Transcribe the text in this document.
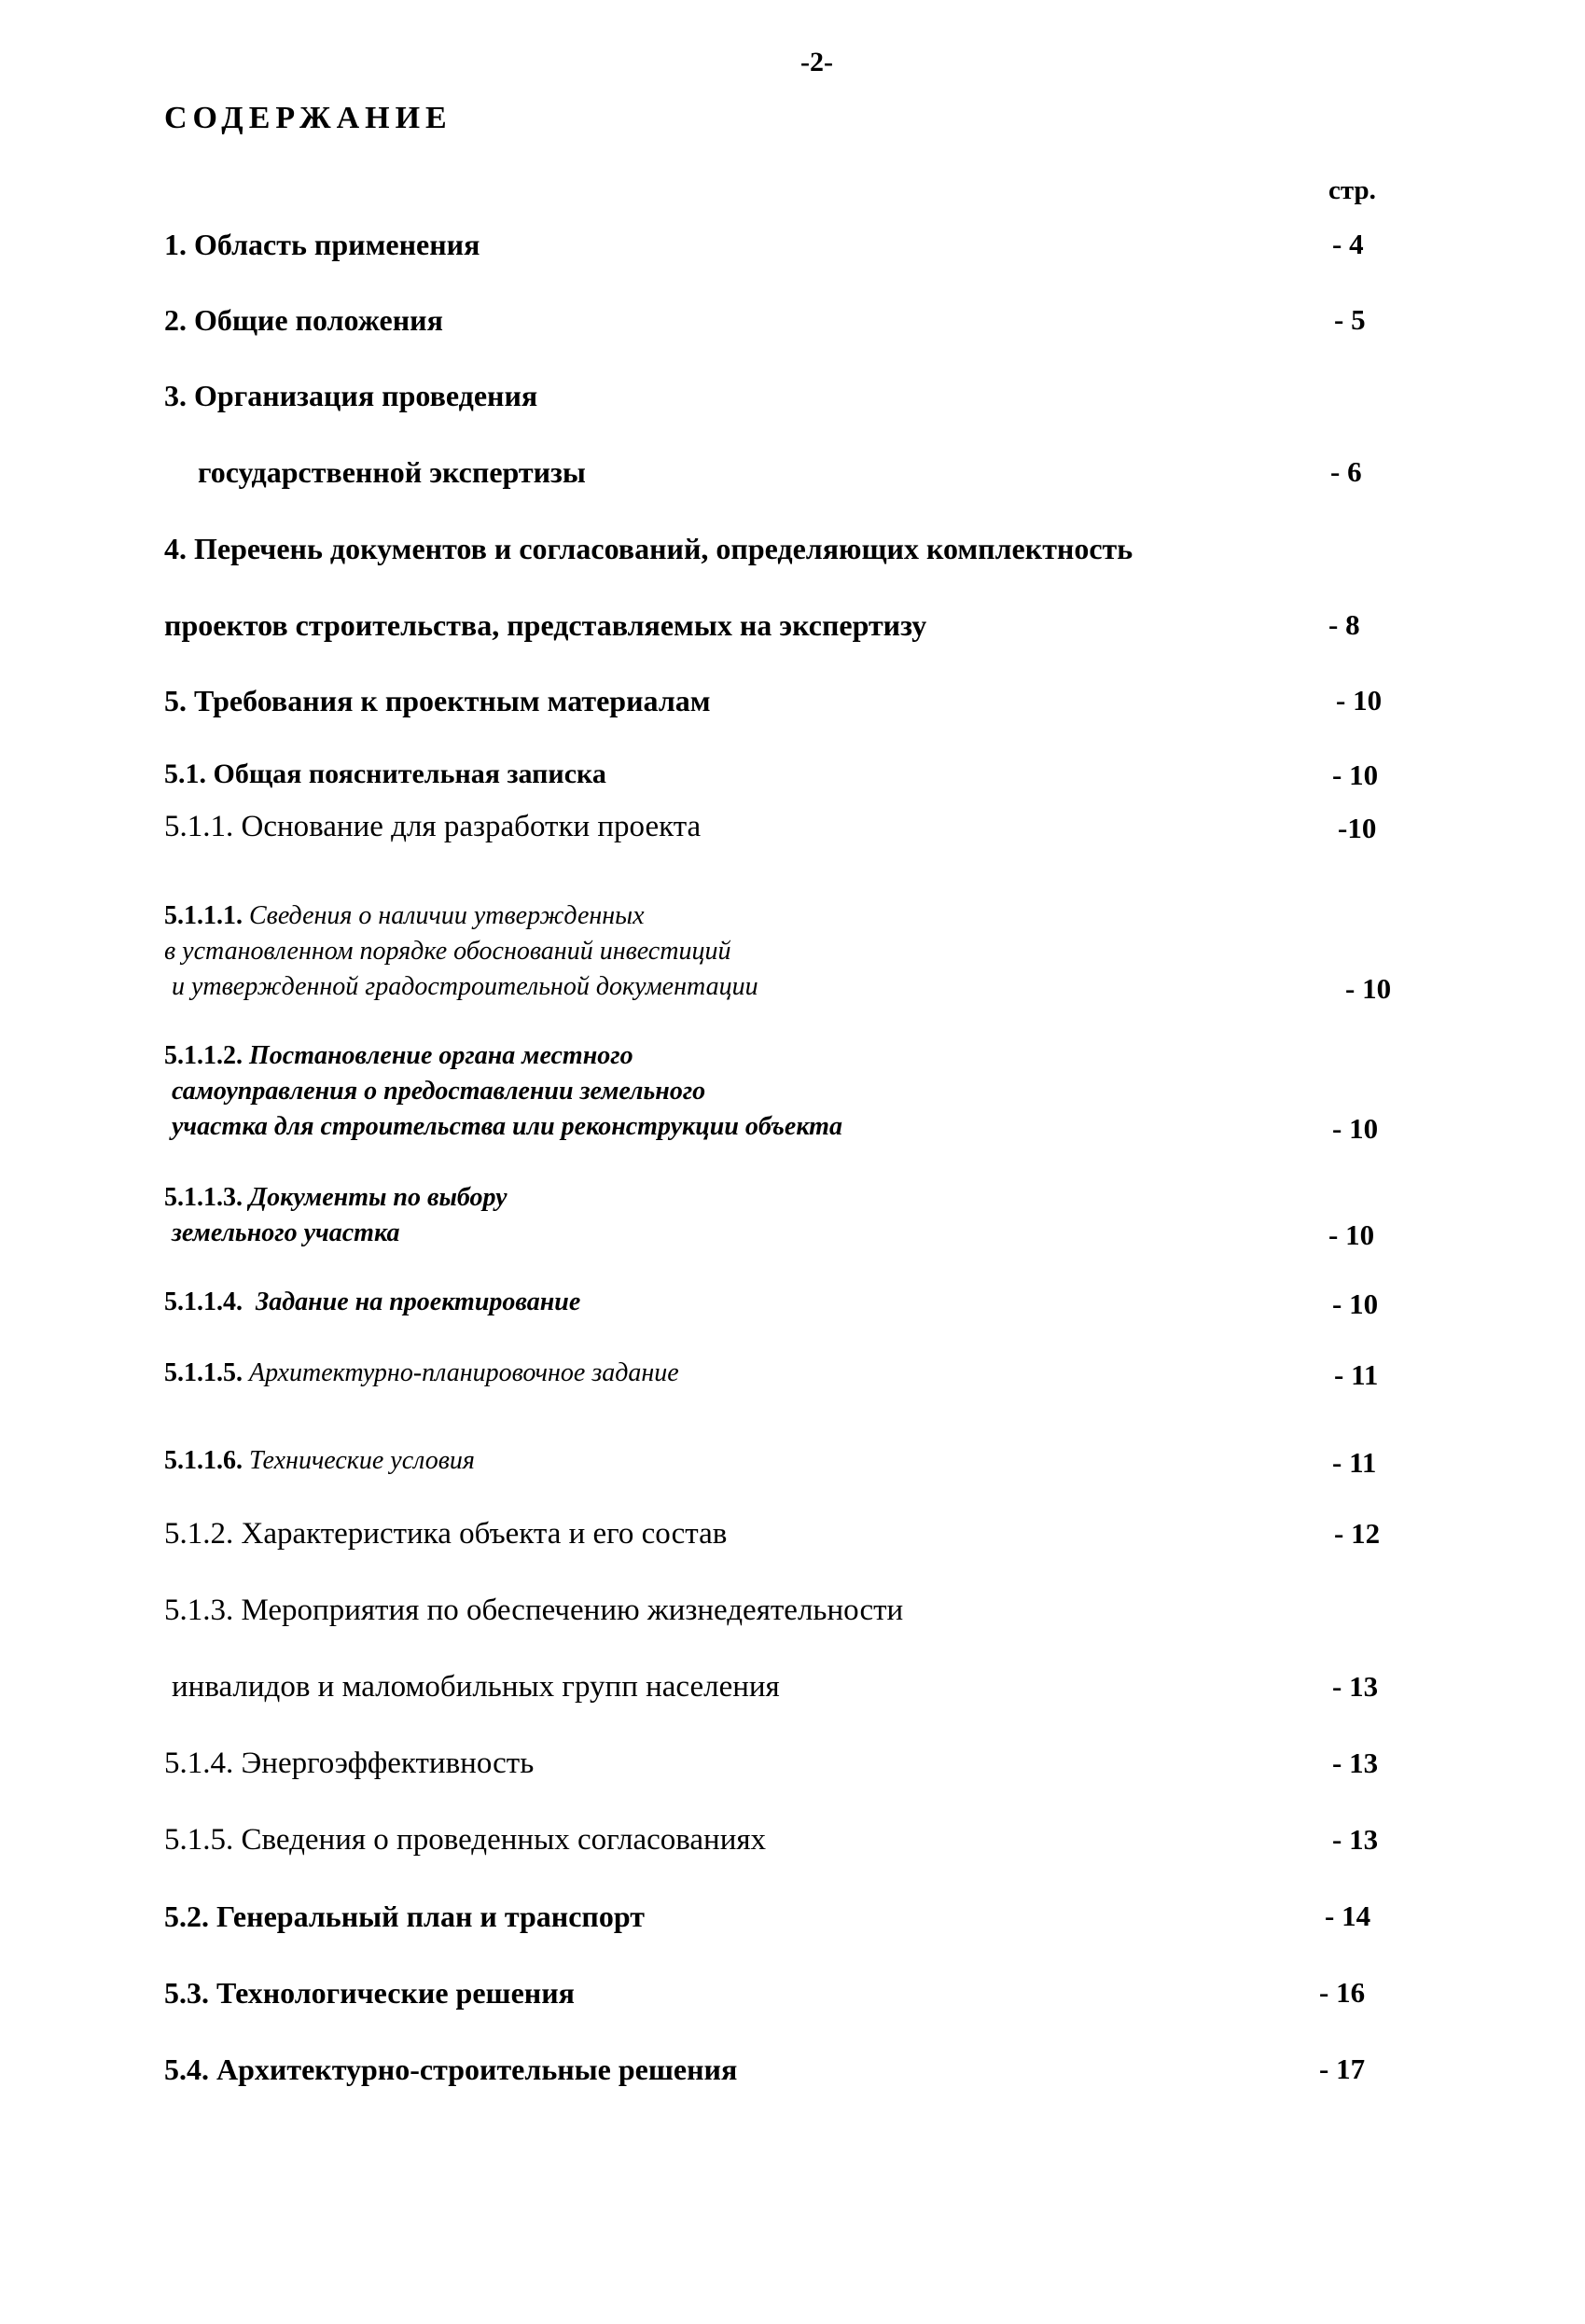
-2-
СОДЕРЖАНИЕ
стр.
1. Область применения	- 4
2. Общие положения	- 5
3. Организация проведения
государственной экспертизы	- 6
4. Перечень документов и согласований, определяющих комплектность
проектов строительства, представляемых на экспертизу	- 8
5. Требования к проектным материалам	- 10
5.1. Общая пояснительная записка	- 10
5.1.1. Основание для разработки проекта	-10
5.1.1.1. Сведения о наличии утвержденных
в установленном порядке обоснований инвестиций
и утвержденной градостроительной документации	- 10
5.1.1.2. Постановление органа местного
самоуправления о предоставлении земельного
участка для строительства или реконструкции объекта	- 10
5.1.1.3. Документы по выбору
земельного участка	- 10
5.1.1.4. Задание на проектирование	- 10
5.1.1.5. Архитектурно-планировочное задание	- 11
5.1.1.6. Технические условия	- 11
5.1.2. Характеристика объекта и его состав	- 12
5.1.3. Мероприятия по обеспечению жизнедеятельности
инвалидов и маломобильных групп населения	- 13
5.1.4. Энергоэффективность	- 13
5.1.5. Сведения о проведенных согласованиях	- 13
5.2. Генеральный план и транспорт	- 14
5.3. Технологические решения	- 16
5.4. Архитектурно-строительные решения	- 17
